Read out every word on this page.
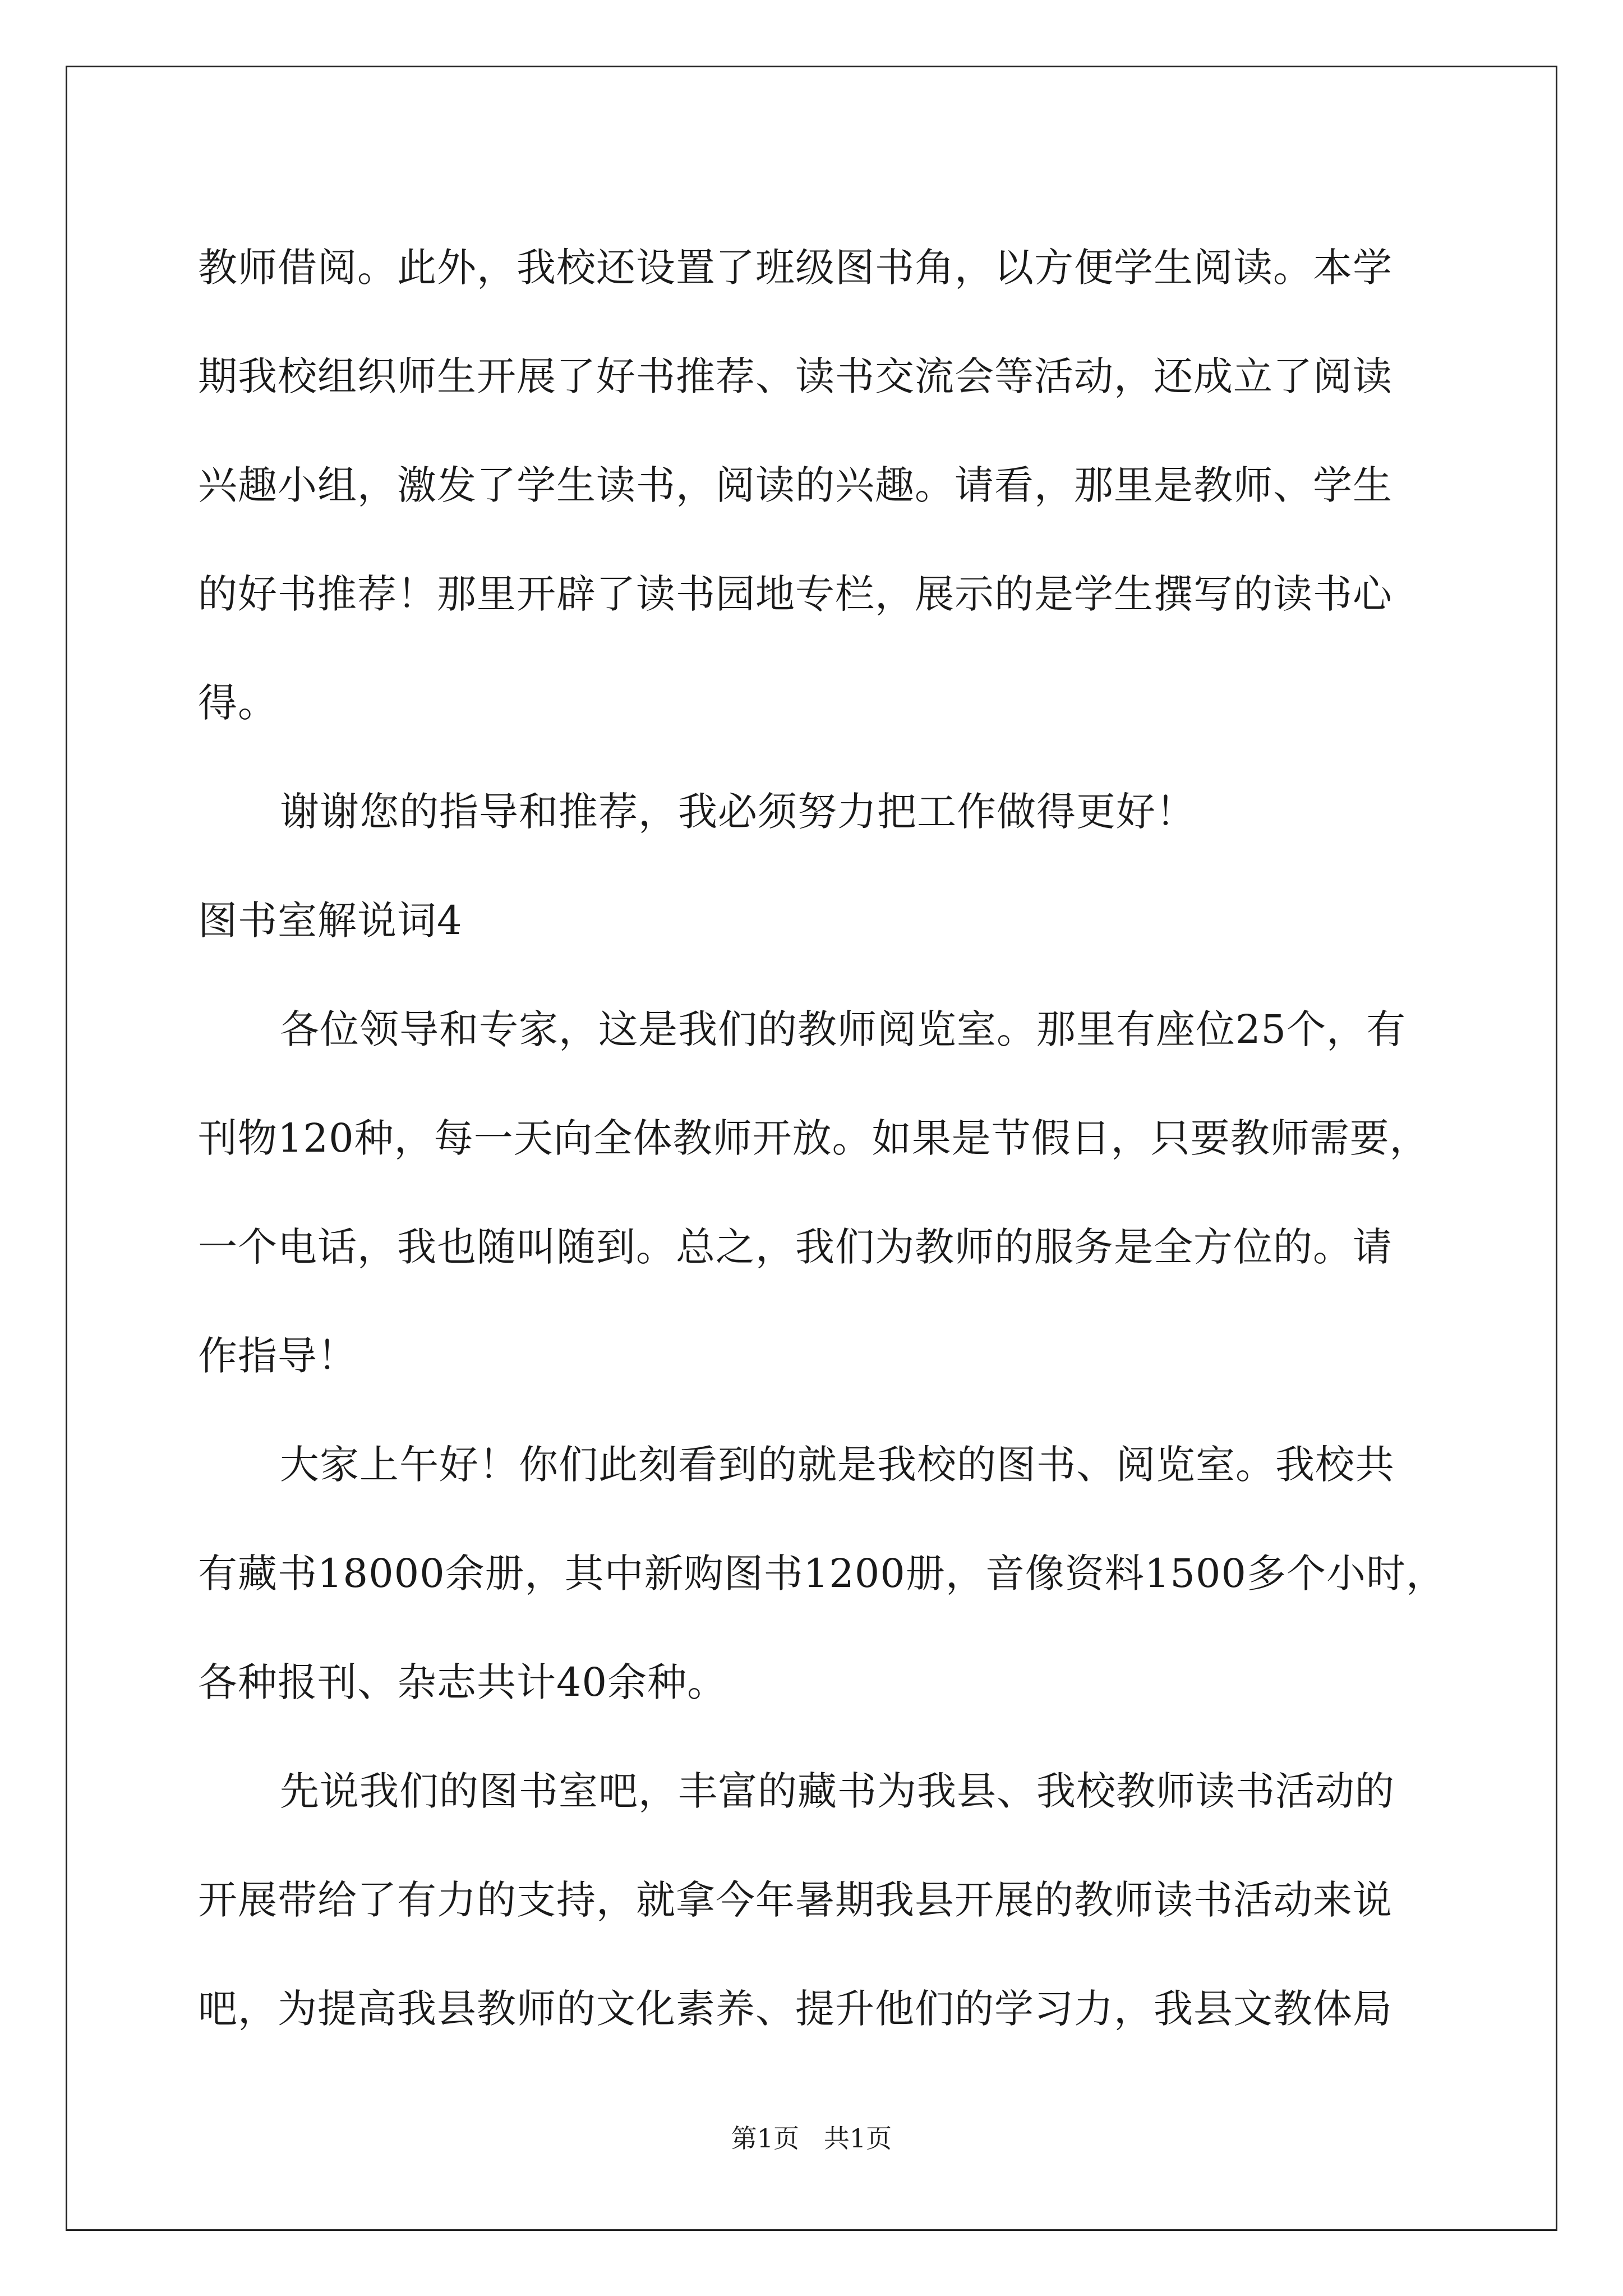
教师借阅。此外，我校还设置了班级图书角，以方便学生阅读。本学
期我校组织师生开展了好书推荐、读书交流会等活动，还成立了阅读
兴趣小组，激发了学生读书，阅读的兴趣。请看，那里是教师、学生
的好书推荐！那里开辟了读书园地专栏，展示的是学生撰写的读书心
得。
谢谢您的指导和推荐，我必须努力把工作做得更好！
图书室解说词4
各位领导和专家，这是我们的教师阅览室。那里有座位25个，有
刊物120种，每一天向全体教师开放。如果是节假日，只要教师需要，
一个电话，我也随叫随到。总之，我们为教师的服务是全方位的。请
作指导！
大家上午好！你们此刻看到的就是我校的图书、阅览室。我校共
有藏书18000余册，其中新购图书1200册，音像资料1500多个小时，
各种报刊、杂志共计40余种。
先说我们的图书室吧，丰富的藏书为我县、我校教师读书活动的
开展带给了有力的支持，就拿今年暑期我县开展的教师读书活动来说
吧，为提高我县教师的文化素养、提升他们的学习力，我县文教体局
第1页   共1页
